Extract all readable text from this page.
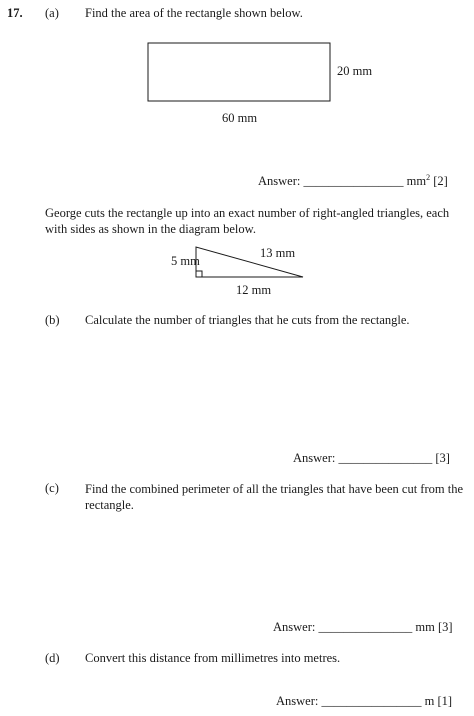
17. (a) Find the area of the rectangle shown below.
20 mm
60 mm
Answer: ________________ $mm^2$ [2]
George cuts the rectangle up into an exact number of right-angled triangles, each with sides as shown in the diagram below.
5 mm
13 mm
12 mm
(b) Calculate the number of triangles that he cuts from the rectangle.
Answer: _______________ [3]
(c) Find the combined perimeter of all the triangles that have been cut from the rectangle.
Answer: _______________ mm [3]
(d) Convert this distance from millimetres into metres.
Answer: ________________ m [1]
